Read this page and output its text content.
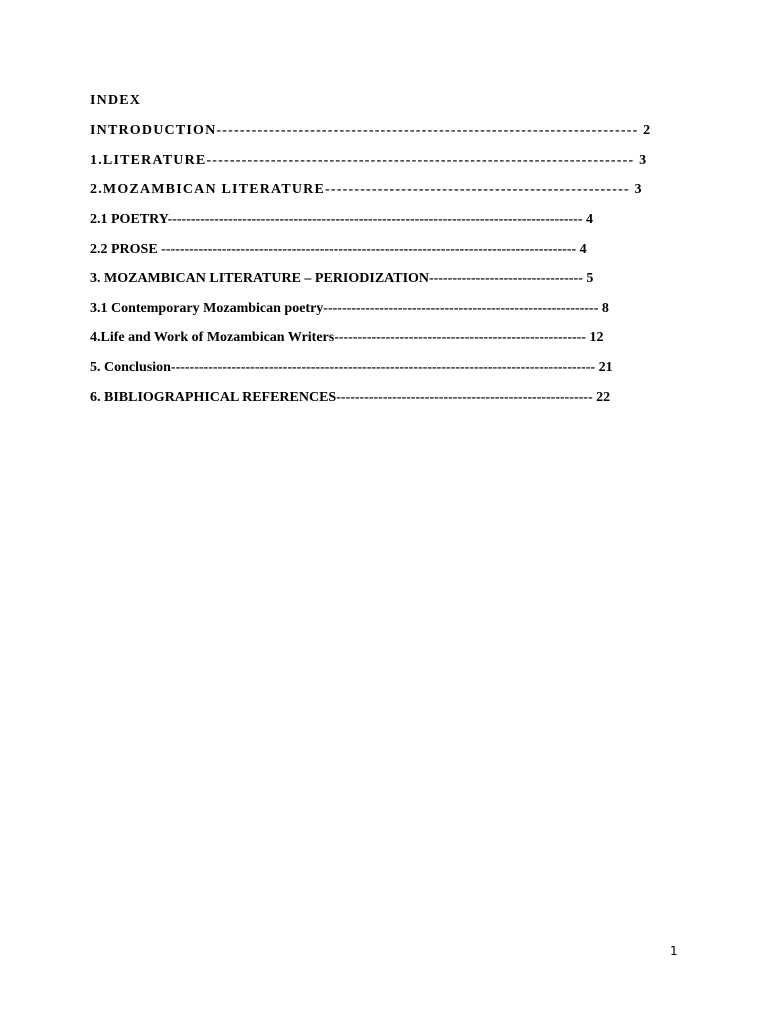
INDEX
INTRODUCTION------------------------------------------------------------------------ 2
1.LITERATURE------------------------------------------------------------------------- 3
2.MOZAMBICAN LITERATURE---------------------------------------------------- 3
2.1 POETRY----------------------------------------------------------------------------------------- 4
2.2 PROSE ----------------------------------------------------------------------------------------- 4
3. MOZAMBICAN LITERATURE – PERIODIZATION--------------------------------- 5
3.1 Contemporary Mozambican poetry----------------------------------------------------------- 8
4.Life and Work of Mozambican Writers------------------------------------------------------ 12
5. Conclusion------------------------------------------------------------------------------------------- 21
6. BIBLIOGRAPHICAL REFERENCES------------------------------------------------------- 22
1
